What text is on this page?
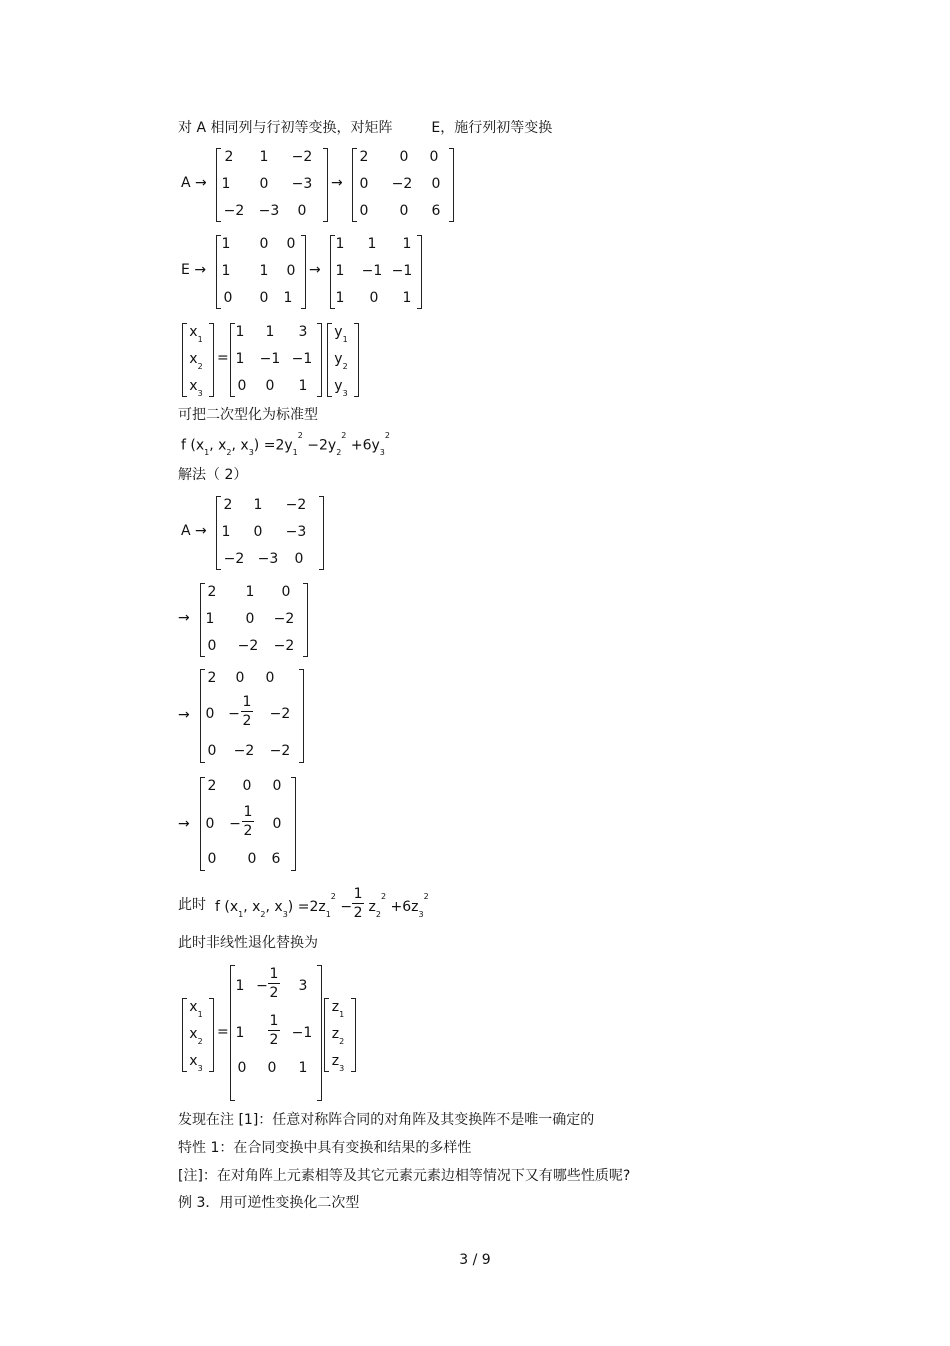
对 A 相同列与行初等变换，对矩阵	E，施行列初等变换
A →
2 1 −2
1 0 −3
−2 −3 0
→
2 0 0
0 −2 0
0 0 6
E →
1 0 0
1 1 0
0 0 1
→
1 1 1
1 −1 −1
1 0 1
$x_1$
$x_2$
$x_3$
=
1 1 3
1 −1 −1
0 0 1
$y_1$
$y_2$
$y_3$
可把二次型化为标准型
f ($x_1$, $x_2$, $x_3) =2y_1^2 -2y_2^2 +6y_3^2$
解法（ 2）
A →
2 1 −2
1 0 −3
−2 −3 0
→
2 1 0
1 0 −2
0 −2 −2
→
2 0 0
0 −
1
2 −2
0 −2 −2
→
2 0 0
0 −
1
2 0
0 0 6
此时 f ($x_1$, $x_2$, $x_3) =2z_1^2$ −
1
2 $z_2^2 +6z_3^2$
此时非线性退化替换为
$x_1$
$x_2$
$x_3$
=
1 −
1
2 3
1
1
2 −1
0 0 1
$z_1$
$z_2$
$z_3$
发现在注 [1]：任意对称阵合同的对角阵及其变换阵不是唯一确定的
特性 1：在合同变换中具有变换和结果的多样性
[注]：在对角阵上元素相等及其它元素元素边相等情况下又有哪些性质呢?
例 3．用可逆性变换化二次型
3 / 9
